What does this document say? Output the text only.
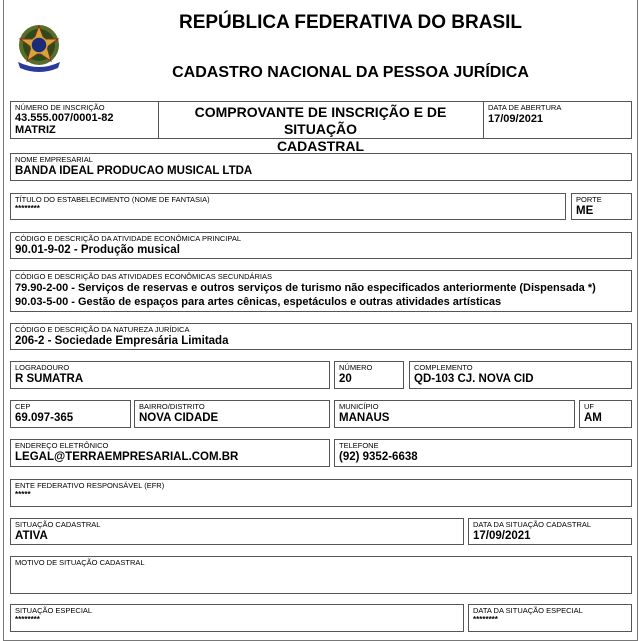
REPÚBLICA FEDERATIVA DO BRASIL
CADASTRO NACIONAL DA PESSOA JURÍDICA
NÚMERO DE INSCRIÇÃO
43.555.007/0001-82
MATRIZ
COMPROVANTE DE INSCRIÇÃO E DE SITUAÇÃO
CADASTRAL
DATA DE ABERTURA
17/09/2021
NOME EMPRESARIAL
BANDA IDEAL PRODUCAO MUSICAL LTDA
TÍTULO DO ESTABELECIMENTO (NOME DE FANTASIA)
********
PORTE
ME
CÓDIGO E DESCRIÇÃO DA ATIVIDADE ECONÔMICA PRINCIPAL
90.01-9-02 - Produção musical
CÓDIGO E DESCRIÇÃO DAS ATIVIDADES ECONÔMICAS SECUNDÁRIAS
79.90-2-00 - Serviços de reservas e outros serviços de turismo não especificados anteriormente (Dispensada *)
90.03-5-00 - Gestão de espaços para artes cênicas, espetáculos e outras atividades artísticas
CÓDIGO E DESCRIÇÃO DA NATUREZA JURÍDICA
206-2 - Sociedade Empresária Limitada
LOGRADOURO
R SUMATRA
NÚMERO
20
COMPLEMENTO
QD-103 CJ. NOVA CID
CEP
69.097-365
BAIRRO/DISTRITO
NOVA CIDADE
MUNICÍPIO
MANAUS
UF
AM
ENDEREÇO ELETRÔNICO
LEGAL@TERRAEMPRESARIAL.COM.BR
TELEFONE
(92) 9352-6638
ENTE FEDERATIVO RESPONSÁVEL (EFR)
*****
SITUAÇÃO CADASTRAL
ATIVA
DATA DA SITUAÇÃO CADASTRAL
17/09/2021
MOTIVO DE SITUAÇÃO CADASTRAL
SITUAÇÃO ESPECIAL
********
DATA DA SITUAÇÃO ESPECIAL
********
